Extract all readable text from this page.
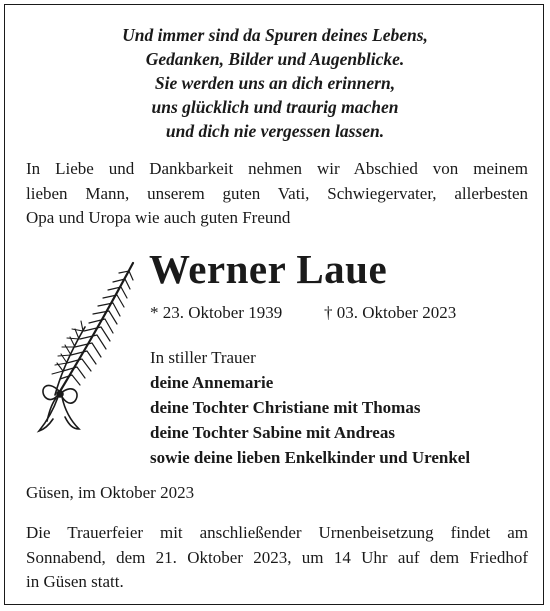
Und immer sind da Spuren deines Lebens,
Gedanken, Bilder und Augenblicke.
Sie werden uns an dich erinnern,
uns glücklich und traurig machen
und dich nie vergessen lassen.
In Liebe und Dankbarkeit nehmen wir Abschied von meinem
lieben Mann, unserem guten Vati, Schwiegervater, allerbesten
Opa und Uropa wie auch guten Freund
Werner Laue
* 23. Oktober 1939 † 03. Oktober 2023
In stiller Trauer
deine Annemarie
deine Tochter Christiane mit Thomas
deine Tochter Sabine mit Andreas
sowie deine lieben Enkelkinder und Urenkel
Güsen, im Oktober 2023
Die Trauerfeier mit anschließender Urnenbeisetzung findet am
Sonnabend, dem 21. Oktober 2023, um 14 Uhr auf dem Friedhof
in Güsen statt.
